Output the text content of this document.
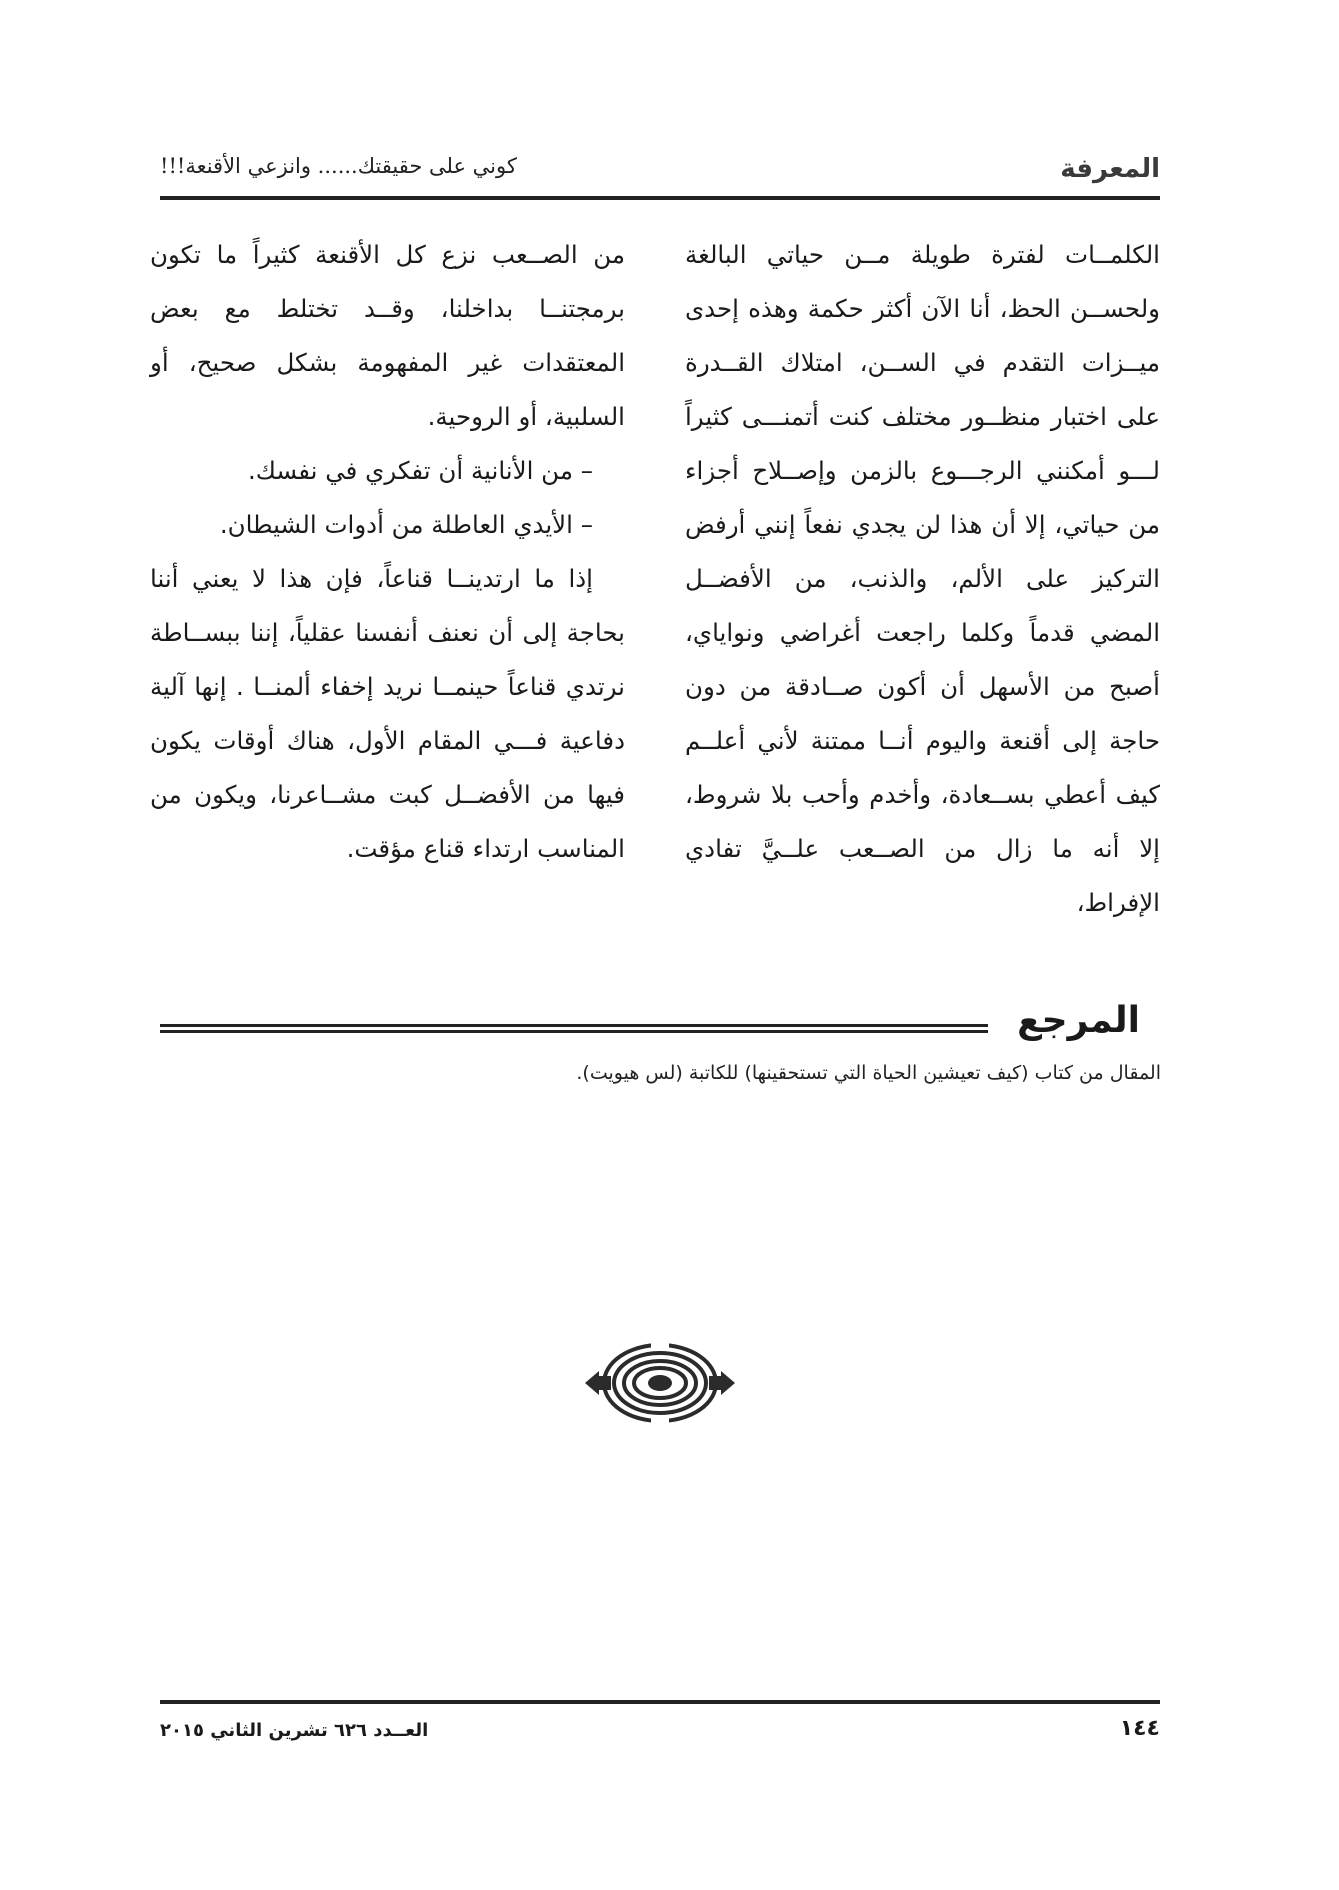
المعرفة
كوني على حقيقتك...... وانزعي الأقنعة!!!

الكلمــات لفترة طويلة مــن حياتي البالغة ولحســن الحظ، أنا الآن أكثر حكمة وهذه إحدى ميــزات التقدم في الســن، امتلاك القــدرة على اختبار منظــور مختلف كنت أتمنـــى كثيراً لـــو أمكنني الرجـــوع بالزمن وإصــلاح أجزاء من حياتي، إلا أن هذا لن يجدي نفعاً إنني أرفض التركيز على الألم، والذنب، من الأفضــل المضي قدماً وكلما راجعت أغراضي ونواياي، أصبح من الأسهل أن أكون صــادقة من دون حاجة إلى أقنعة واليوم أنــا ممتنة لأني أعلــم كيف أعطي بســعادة، وأخدم وأحب بلا شروط، إلا أنه ما زال من الصــعب علــيَّ تفادي الإفراط،

من الصــعب نزع كل الأقنعة كثيراً ما تكون برمجتنــا بداخلنا، وقــد تختلط مع بعض المعتقدات غير المفهومة بشكل صحيح، أو السلبية، أو الروحية.

– من الأنانية أن تفكري في نفسك.

– الأيدي العاطلة من أدوات الشيطان.

إذا ما ارتدينــا قناعاً، فإن هذا لا يعني أننا بحاجة إلى أن نعنف أنفسنا عقلياً، إننا ببســاطة نرتدي قناعاً حينمــا نريد إخفاء ألمنــا . إنها آلية دفاعية فـــي المقام الأول، هناك أوقات يكون فيها من الأفضــل كبت مشــاعرنا، ويكون من المناسب ارتداء قناع مؤقت.

المرجع
المقال من كتاب (كيف تعيشين الحياة التي تستحقينها) للكاتبة (لس هيويت).
١٤٤
العــدد ٦٢٦ تشرين الثاني ٢٠١٥
